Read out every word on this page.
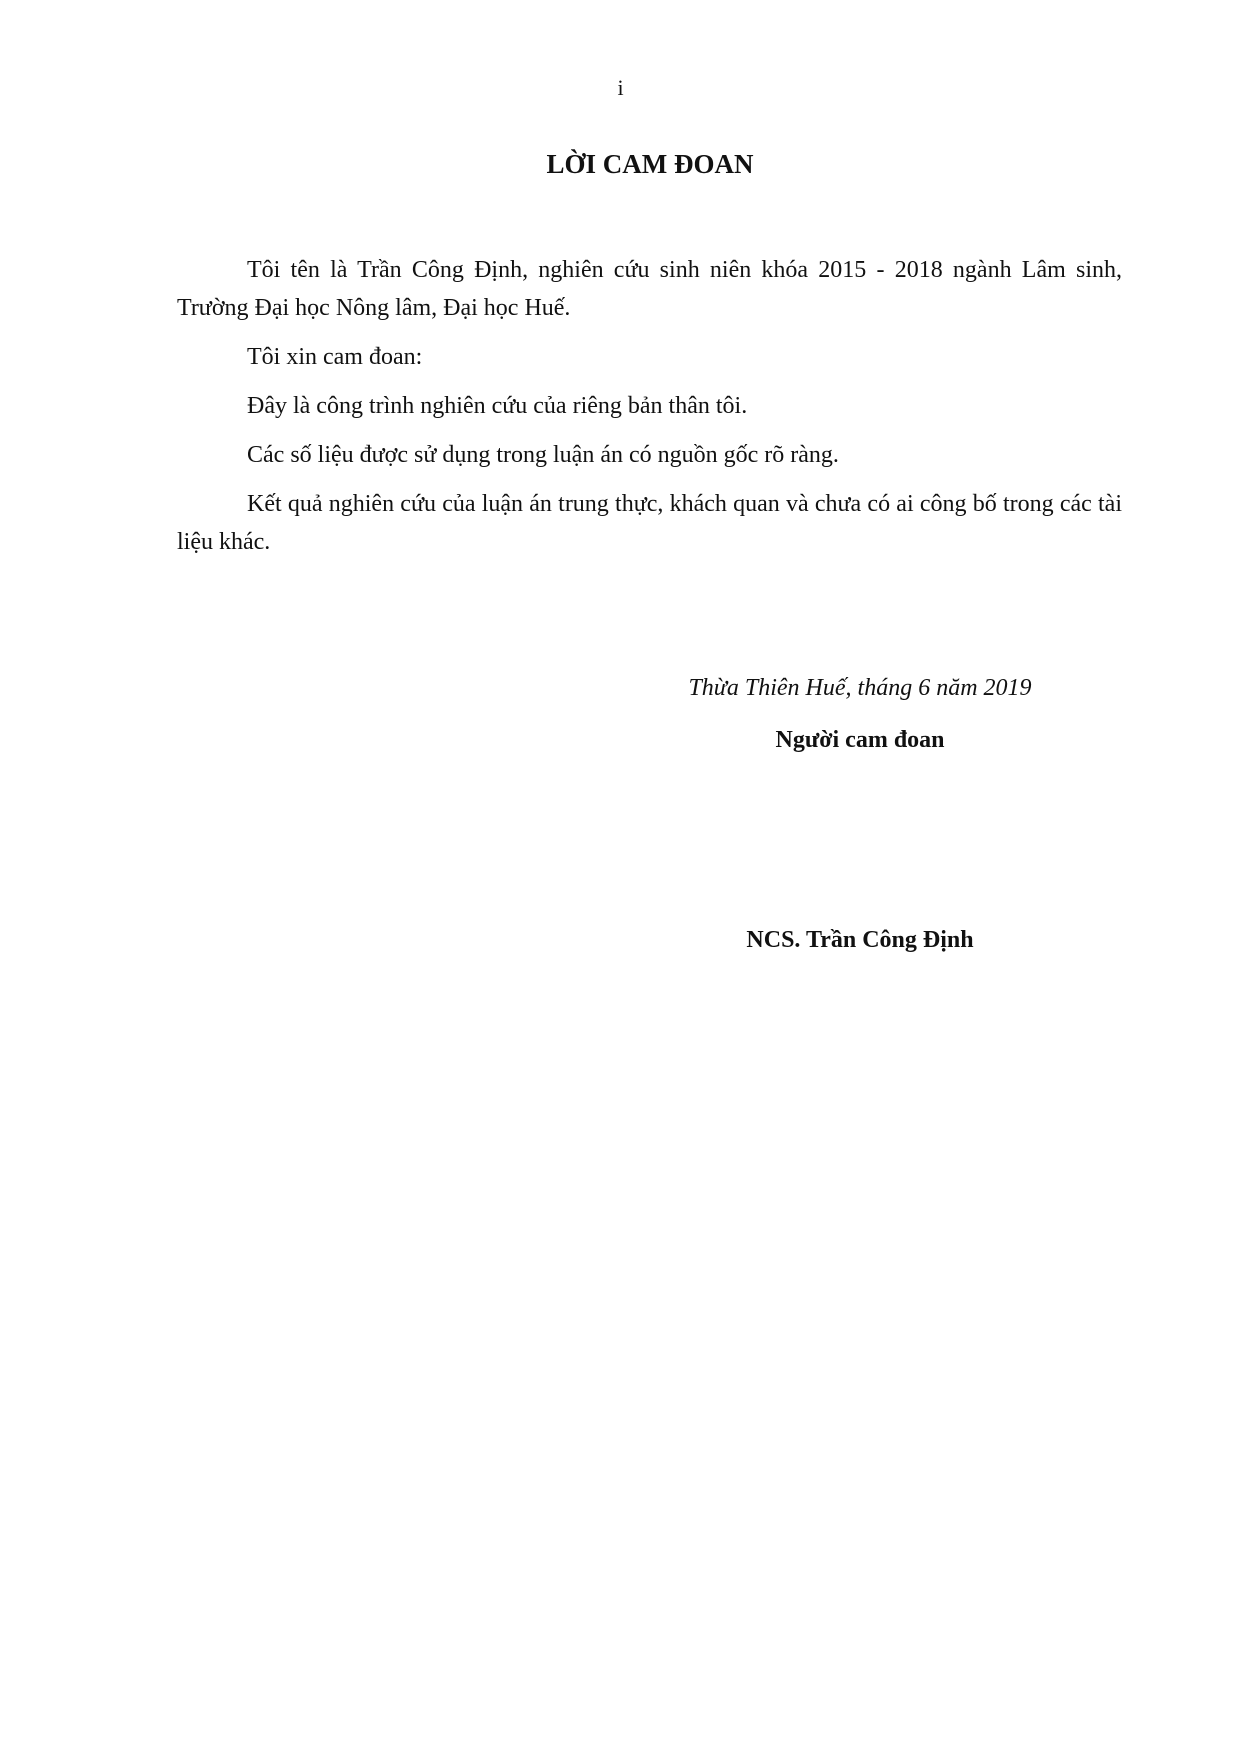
i
LỜI CAM ĐOAN

Tôi tên là Trần Công Định, nghiên cứu sinh niên khóa 2015 - 2018 ngành Lâm sinh, Trường Đại học Nông lâm, Đại học Huế.

Tôi xin cam đoan:

Đây là công trình nghiên cứu của riêng bản thân tôi.

Các số liệu được sử dụng trong luận án có nguồn gốc rõ ràng.

Kết quả nghiên cứu của luận án trung thực, khách quan và chưa có ai công bố trong các tài liệu khác.

Thừa Thiên Huế, tháng 6 năm 2019
Người cam đoan
NCS. Trần Công Định
